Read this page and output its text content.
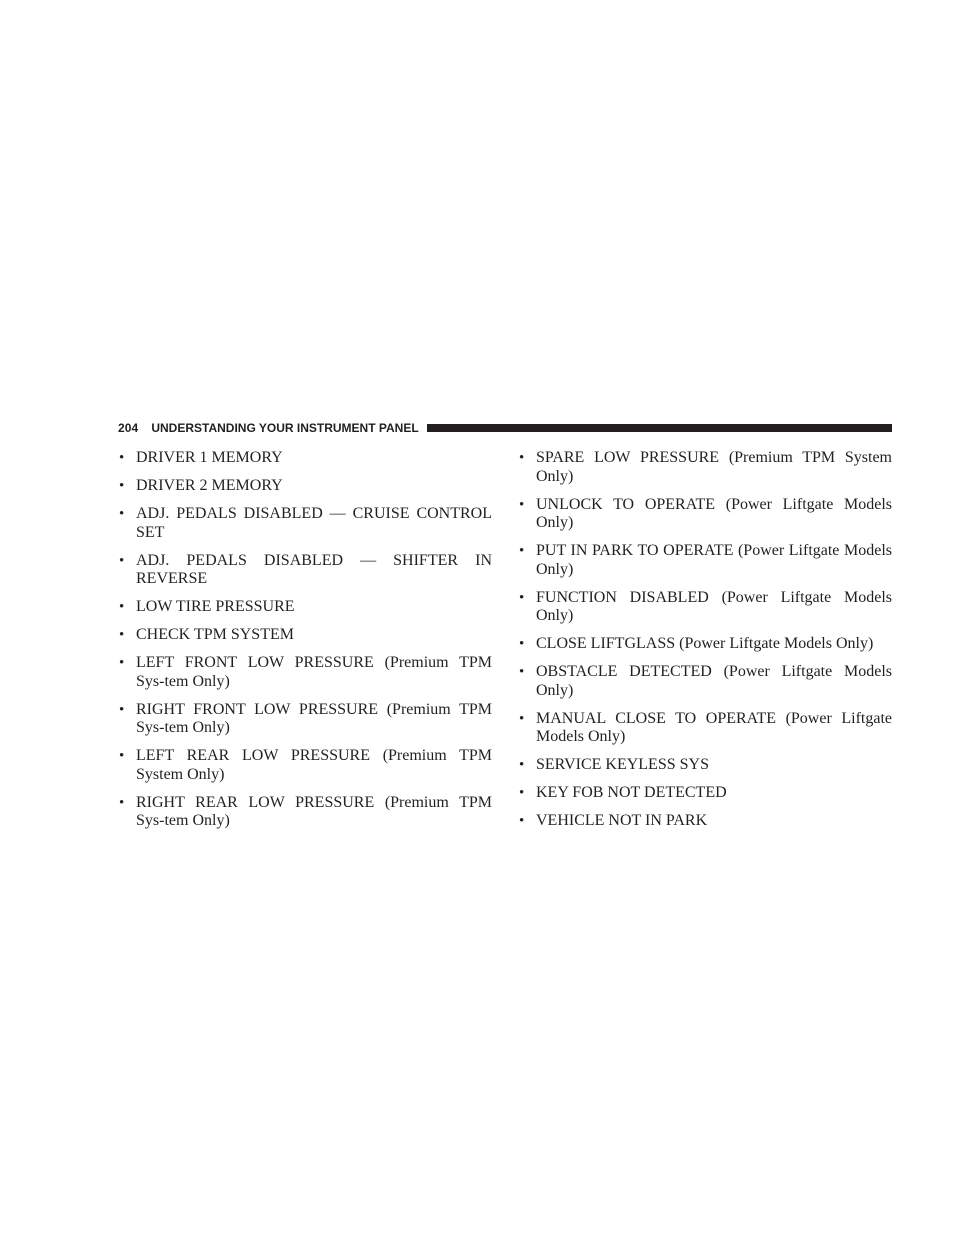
204 UNDERSTANDING YOUR INSTRUMENT PANEL
• DRIVER 1 MEMORY
• DRIVER 2 MEMORY
• ADJ. PEDALS DISABLED — CRUISE CONTROL SET
• ADJ. PEDALS DISABLED — SHIFTER IN REVERSE
• LOW TIRE PRESSURE
• CHECK TPM SYSTEM
• LEFT FRONT LOW PRESSURE (Premium TPM Sys-tem Only)
• RIGHT FRONT LOW PRESSURE (Premium TPM Sys-tem Only)
• LEFT REAR LOW PRESSURE (Premium TPM System Only)
• RIGHT REAR LOW PRESSURE (Premium TPM Sys-tem Only)
• SPARE LOW PRESSURE (Premium TPM System Only)
• UNLOCK TO OPERATE (Power Liftgate Models Only)
• PUT IN PARK TO OPERATE (Power Liftgate Models Only)
• FUNCTION DISABLED (Power Liftgate Models Only)
• CLOSE LIFTGLASS (Power Liftgate Models Only)
• OBSTACLE DETECTED (Power Liftgate Models Only)
• MANUAL CLOSE TO OPERATE (Power Liftgate Models Only)
• SERVICE KEYLESS SYS
• KEY FOB NOT DETECTED
• VEHICLE NOT IN PARK
